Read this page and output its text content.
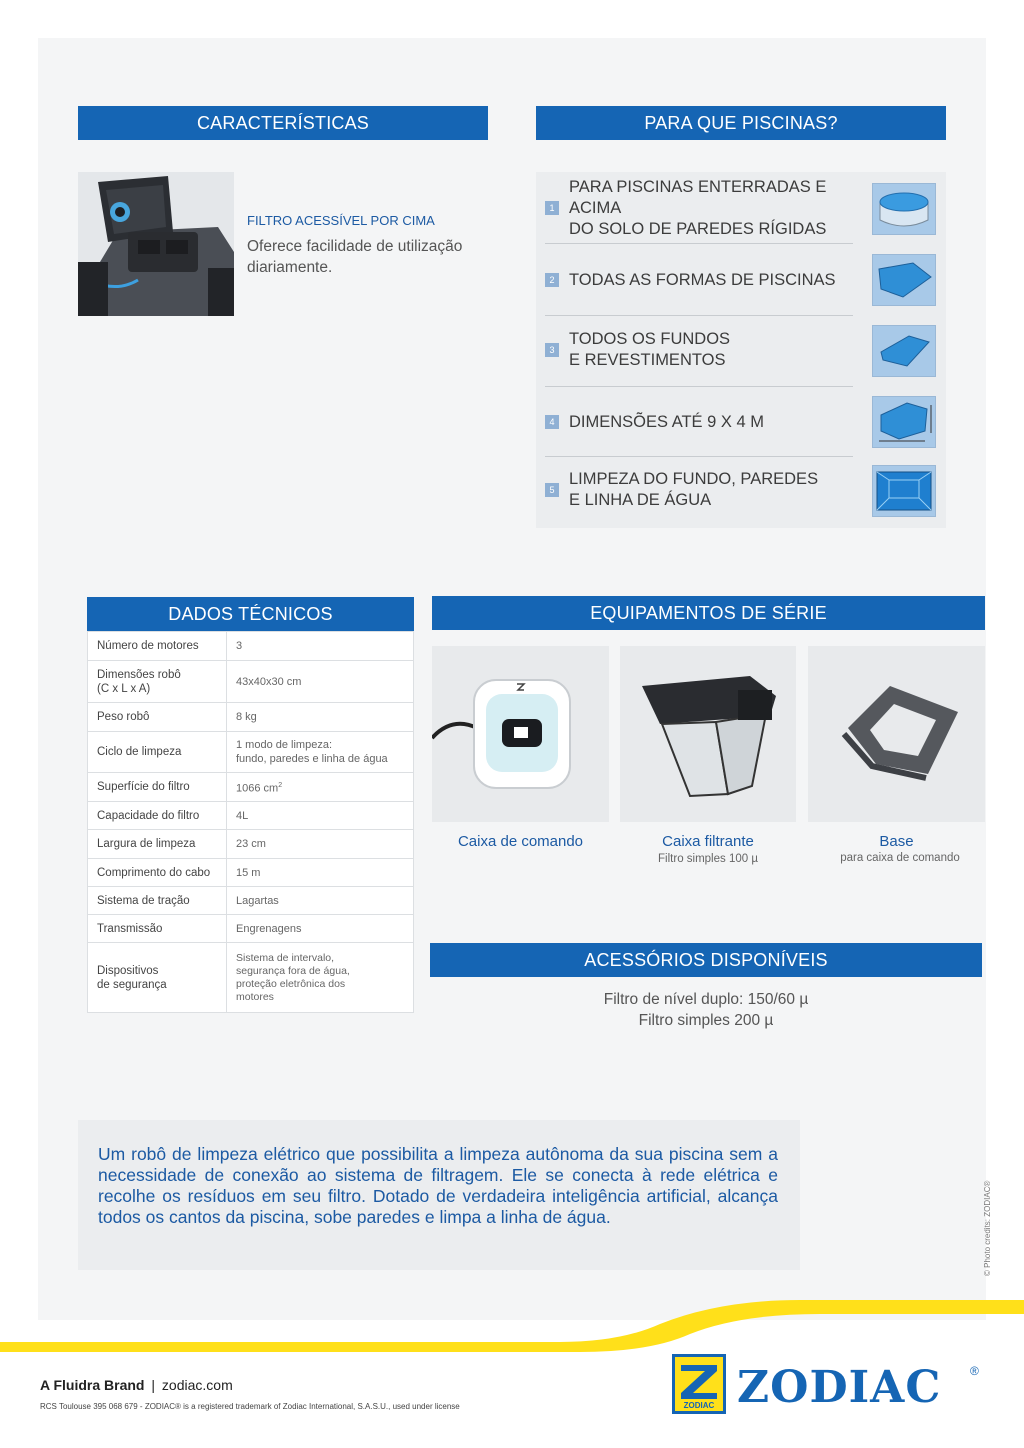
CARACTERÍSTICAS	PARA QUE PISCINAS?
FILTRO ACESSÍVEL POR CIMA
Oferece facilidade de utilização diariamente.
1
PARA PISCINAS ENTERRADAS E ACIMA
DO SOLO DE PAREDES RÍGIDAS
2 TODAS AS FORMAS DE PISCINAS
3
TODOS OS FUNDOS
E REVESTIMENTOS
4 DIMENSÕES ATÉ 9 X 4 M
5
LIMPEZA DO FUNDO, PAREDES
E LINHA DE ÁGUA
DADOS TÉCNICOS
Número de motores	3

Dimensões robô
(C x L x A)	43x40x30 cm
Peso robô	8 kg
Ciclo de limpeza	1 modo de limpeza:
fundo, paredes e linha de água

Superfície do filtro	1066 $cm^2$
Capacidade do filtro	4L
Largura de limpeza	23 cm
Comprimento do cabo	15 m
Sistema de tração	Lagartas
Transmissão	Engrenagens

Dispositivos
de segurança	Sistema de intervalo,
segurança fora de água,
proteção eletrônica dos
motores
EQUIPAMENTOS DE SÉRIE
Caixa de comando	Caixa filtrante
Filtro simples 100 µ
Base
para caixa de comando
ACESSÓRIOS DISPONÍVEIS
Filtro de nível duplo: 150/60 µ
Filtro simples 200 µ
Um robô de limpeza elétrico que possibilita a limpeza autônoma da sua piscina sem a necessidade de conexão ao sistema de filtragem. Ele se conecta à rede elétrica e recolhe os resíduos em seu filtro. Dotado de verdadeira inteligência artificial, alcança todos os cantos da piscina, sobe paredes e limpa a linha de água.	© Photo credits: ZODIAC®
A Fluidra Brand | zodiac.com
RCS Toulouse 395 068 679 - ZODIAC® is a registered trademark of Zodiac International, S.A.S.U., used under license	ZODIAC ZODIAC ®
